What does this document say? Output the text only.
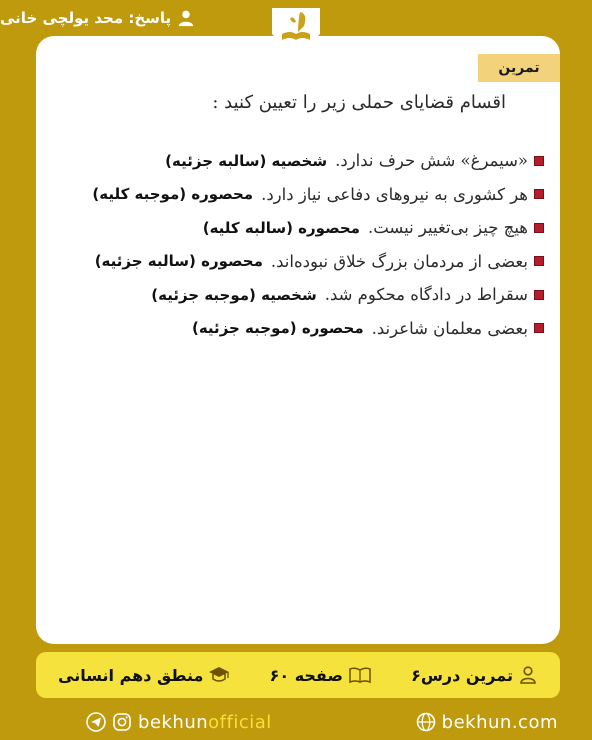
پاسخ: محد یولچی خانی
تمرین
اقسام قضایای حملی زیر را تعیین کنید :
«سیمرغ» شش حرف ندارد.
شخصیه (سالبه جزئیه)
هر کشوری به نیروهای دفاعی نیاز دارد.
محصوره (موجبه کلیه)
هیچ چیز بی‌تغییر نیست.
محصوره (سالبه کلیه)
بعضی از مردمان بزرگ خلاق نبوده‌اند.
محصوره (سالبه جزئیه)
سقراط در دادگاه محکوم شد.
شخصیه (موجبه جزئیه)
بعضی معلمان شاعرند.
محصوره (موجبه جزئیه)
تمرین درس۶
صفحه ۶۰
منطق دهم انسانی
bekhun official	bekhun.com
